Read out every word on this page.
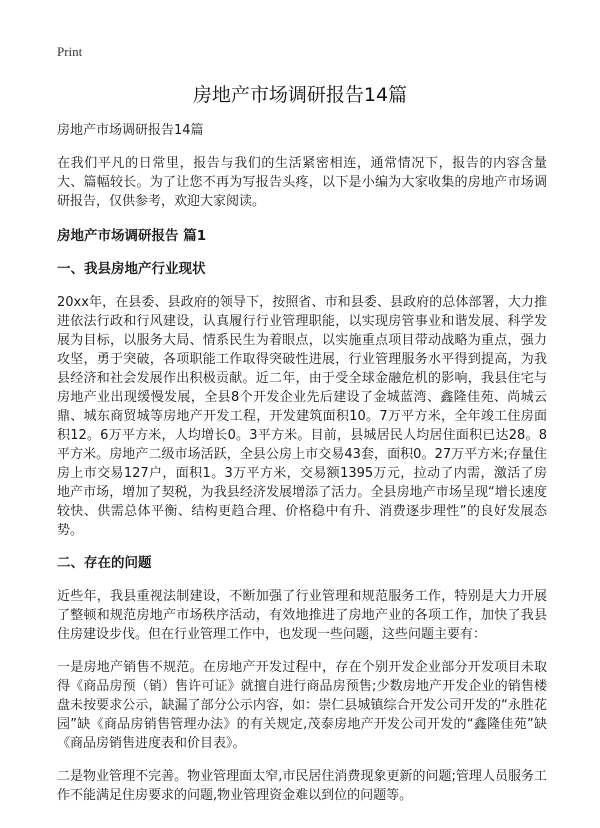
Print
房地产市场调研报告14篇

房地产市场调研报告14篇

在我们平凡的日常里，报告与我们的生活紧密相连，通常情况下，报告的内容含量大、篇幅较长。为了让您不再为写报告头疼，以下是小编为大家收集的房地产市场调研报告，仅供参考，欢迎大家阅读。

房地产市场调研报告 篇1
一、我县房地产行业现状

20xx年，在县委、县政府的领导下，按照省、市和县委、县政府的总体部署，大力推进依法行政和行风建设，认真履行行业管理职能，以实现房管事业和谐发展、科学发展为目标，以服务大局、情系民生为着眼点，以实施重点项目带动战略为重点，强力攻坚，勇于突破，各项职能工作取得突破性进展，行业管理服务水平得到提高，为我县经济和社会发展作出积极贡献。近二年，由于受全球金融危机的影响，我县住宅与房地产业出现缓慢发展，全县8个开发企业先后建设了金城蓝湾、鑫隆佳苑、尚城云鼎、城东商贸城等房地产开发工程，开发建筑面积10。7万平方米，全年竣工住房面积12。6万平方米，人均增长0。3平方米。目前，县城居民人均居住面积已达28。8平方米。房地产二级市场活跃，全县公房上市交易43套，面积0。27万平方米;存量住房上市交易127户，面积1。3万平方米，交易额1395万元，拉动了内需，激活了房地产市场，增加了契税，为我县经济发展增添了活力。全县房地产市场呈现“增长速度较快、供需总体平衡、结构更趋合理、价格稳中有升、消费逐步理性”的良好发展态势。

二、存在的问题

近些年，我县重视法制建设，不断加强了行业管理和规范服务工作，特别是大力开展了整顿和规范房地产市场秩序活动，有效地推进了房地产业的各项工作，加快了我县住房建设步伐。但在行业管理工作中，也发现一些问题，这些问题主要有：

一是房地产销售不规范。在房地产开发过程中，存在个别开发企业部分开发项目未取得《商品房预（销）售许可证》就擅自进行商品房预售;少数房地产开发企业的销售楼盘未按要求公示，缺漏了部分公示内容，如：崇仁县城镇综合开发公司开发的“永胜花园”缺《商品房销售管理办法》的有关规定,茂泰房地产开发公司开发的“鑫隆佳苑”缺《商品房销售进度表和价目表》。

二是物业管理不完善。物业管理面太窄,市民居住消费现象更新的问题;管理人员服务工作不能满足住房要求的问题,物业管理资金难以到位的问题等。
